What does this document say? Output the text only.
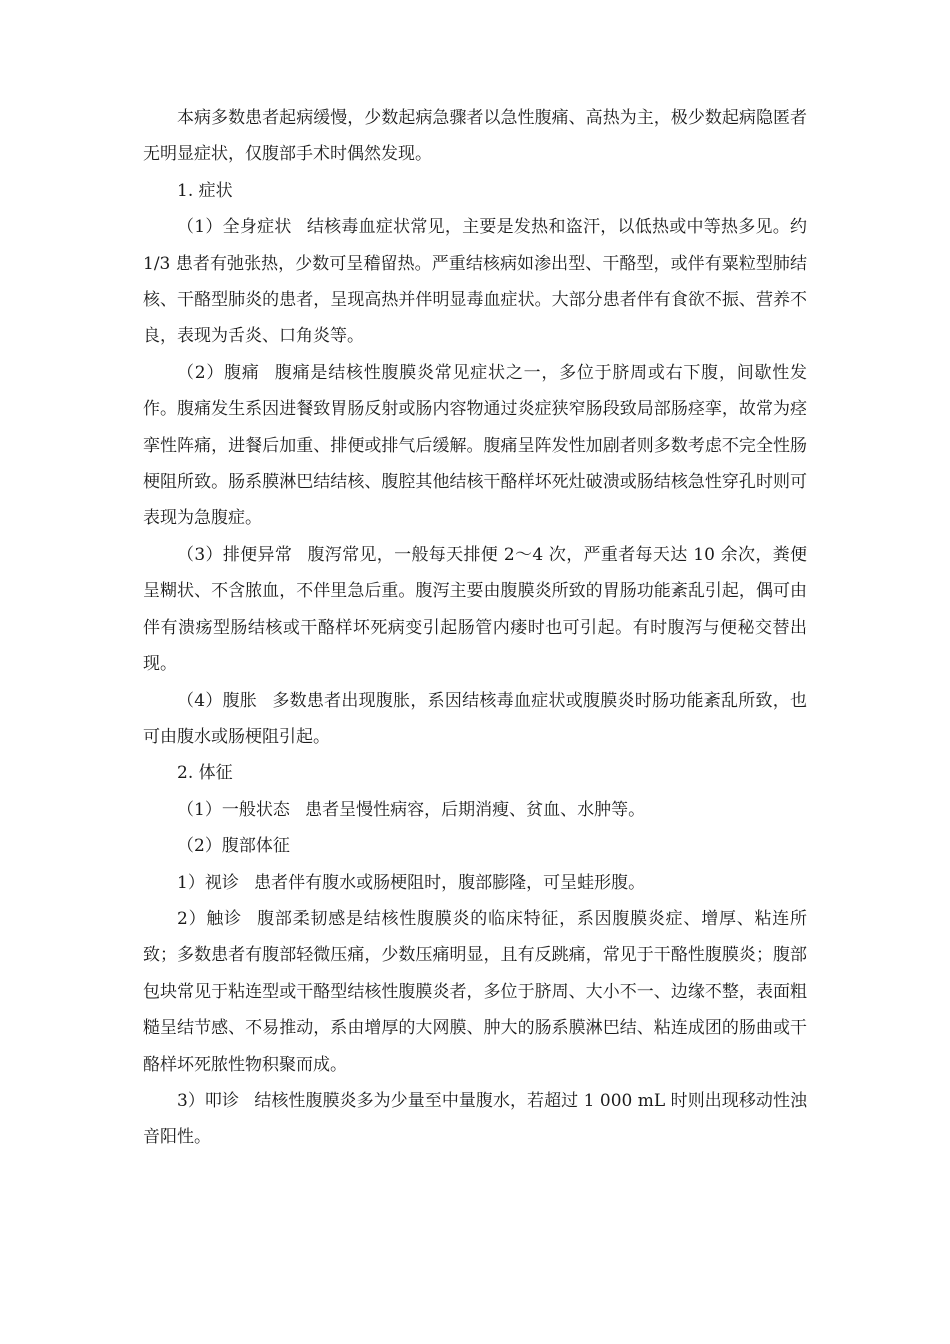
本病多数患者起病缓慢，少数起病急骤者以急性腹痛、高热为主，极少数起病隐匿者无明显症状，仅腹部手术时偶然发现。

1. 症状

（1）全身症状 结核毒血症状常见，主要是发热和盗汗，以低热或中等热多见。约 1/3 患者有弛张热，少数可呈稽留热。严重结核病如渗出型、干酪型，或伴有粟粒型肺结核、干酪型肺炎的患者，呈现高热并伴明显毒血症状。大部分患者伴有食欲不振、营养不良，表现为舌炎、口角炎等。

（2）腹痛 腹痛是结核性腹膜炎常见症状之一，多位于脐周或右下腹，间歇性发作。腹痛发生系因进餐致胃肠反射或肠内容物通过炎症狭窄肠段致局部肠痉挛，故常为痉挛性阵痛，进餐后加重、排便或排气后缓解。腹痛呈阵发性加剧者则多数考虑不完全性肠梗阻所致。肠系膜淋巴结结核、腹腔其他结核干酪样坏死灶破溃或肠结核急性穿孔时则可表现为急腹症。

（3）排便异常 腹泻常见，一般每天排便 2～4 次，严重者每天达 10 余次，粪便呈糊状、不含脓血，不伴里急后重。腹泻主要由腹膜炎所致的胃肠功能紊乱引起，偶可由伴有溃疡型肠结核或干酪样坏死病变引起肠管内瘘时也可引起。有时腹泻与便秘交替出现。

（4）腹胀 多数患者出现腹胀，系因结核毒血症状或腹膜炎时肠功能紊乱所致，也可由腹水或肠梗阻引起。

2. 体征

（1）一般状态 患者呈慢性病容，后期消瘦、贫血、水肿等。

（2）腹部体征

1）视诊 患者伴有腹水或肠梗阻时，腹部膨隆，可呈蛙形腹。

2）触诊 腹部柔韧感是结核性腹膜炎的临床特征，系因腹膜炎症、增厚、粘连所致；多数患者有腹部轻微压痛，少数压痛明显，且有反跳痛，常见于干酪性腹膜炎；腹部包块常见于粘连型或干酪型结核性腹膜炎者，多位于脐周、大小不一、边缘不整，表面粗糙呈结节感、不易推动，系由增厚的大网膜、肿大的肠系膜淋巴结、粘连成团的肠曲或干酪样坏死脓性物积聚而成。

3）叩诊 结核性腹膜炎多为少量至中量腹水，若超过 1 000 mL 时则出现移动性浊音阳性。
